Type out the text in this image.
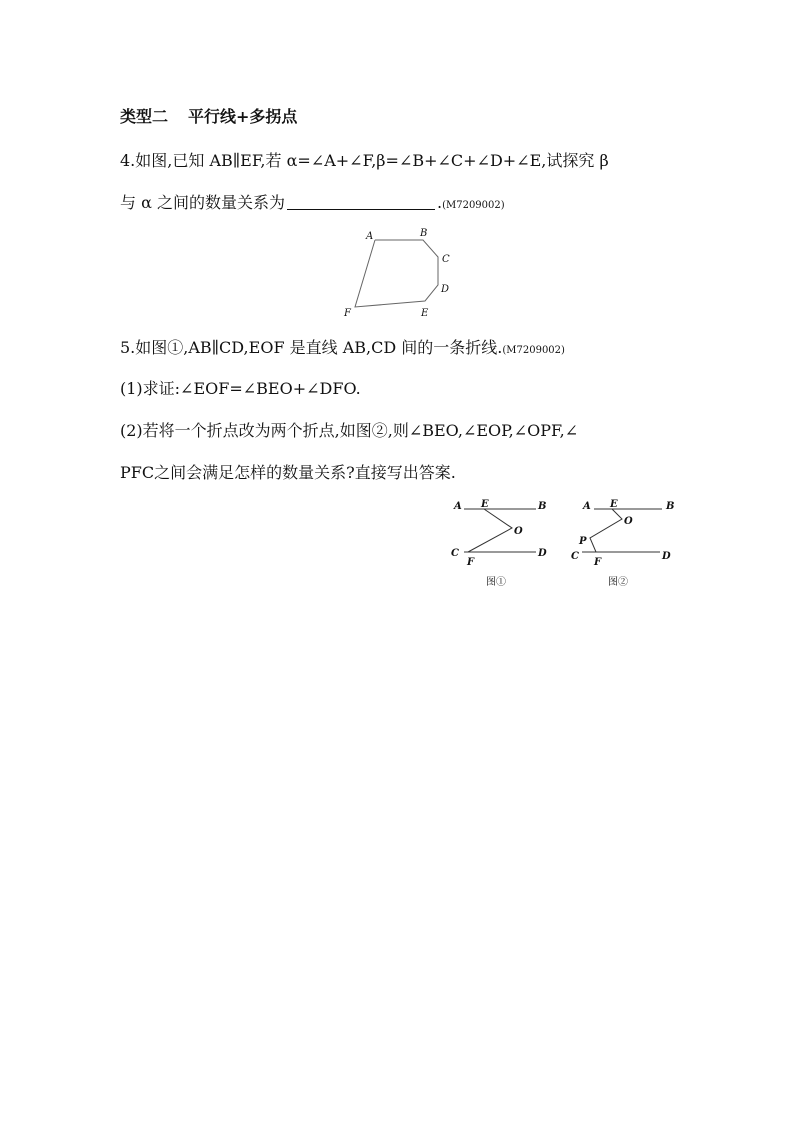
类型二 平行线+多拐点
4.如图,已知 AB∥EF,若 α=∠A+∠F,β=∠B+∠C+∠D+∠E,试探究 β
与 α 之间的数量关系为	.(M7209002)
A	B
C
D
E
F
5.如图①,AB∥CD,EOF 是直线 AB,CD 间的一条折线.(M7209002)
(1)求证:∠EOF=∠BEO+∠DFO.
(2)若将一个折点改为两个折点,如图②,则∠BEO,∠EOP,∠OPF,∠
PFC之间会满足怎样的数量关系?直接写出答案.
A E	B
O
C
F
D
图①
A E	B
O
P
C
F
D
图②
